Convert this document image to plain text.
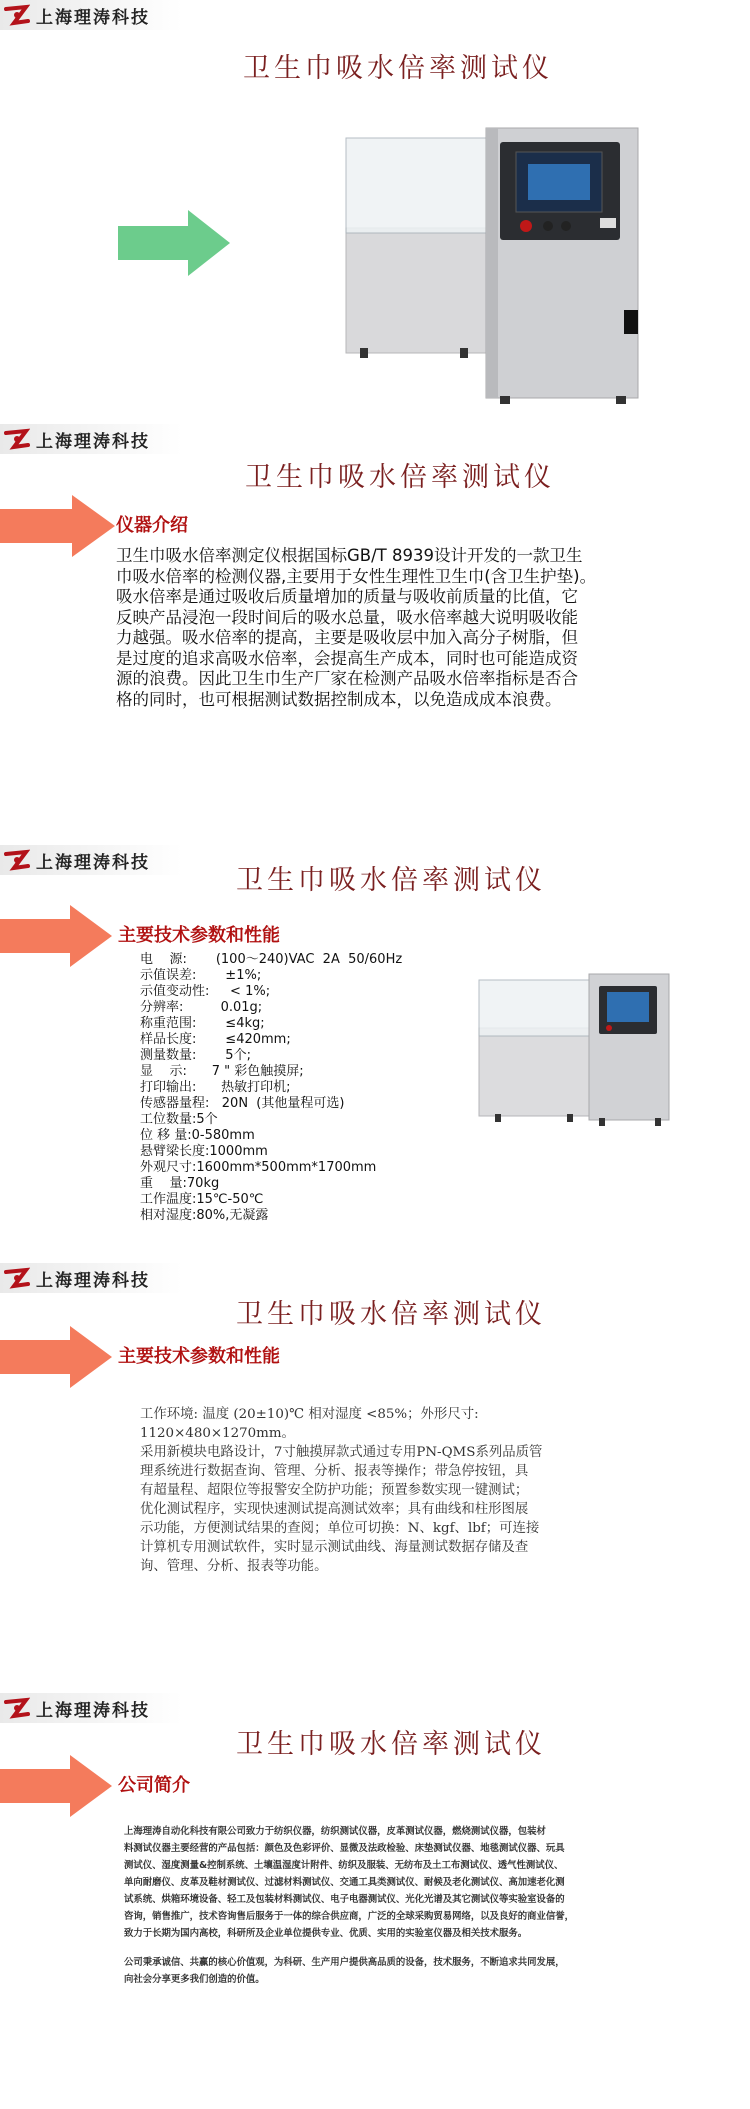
上海理涛科技
卫生巾吸水倍率测试仪
上海理涛科技
卫生巾吸水倍率测试仪
仪器介绍
卫生巾吸水倍率测定仪根据国标GB/T 8939设计开发的一款卫生
巾吸水倍率的检测仪器,主要用于女性生理性卫生巾(含卫生护垫)。
吸水倍率是通过吸收后质量增加的质量与吸收前质量的比值，它
反映产品浸泡一段时间后的吸水总量，吸水倍率越大说明吸收能
力越强。吸水倍率的提高，主要是吸收层中加入高分子树脂，但
是过度的追求高吸水倍率，会提高生产成本，同时也可能造成资
源的浪费。因此卫生巾生产厂家在检测产品吸水倍率指标是否合
格的同时，也可根据测试数据控制成本，以免造成成本浪费。
上海理涛科技
卫生巾吸水倍率测试仪
主要技术参数和性能
电    源:       (100～240)VAC  2A  50/60Hz
示值误差:       ±1%;
示值变动性:     < 1%;
分辨率:         0.01g;
称重范围:       ≤4kg;
样品长度:       ≤420mm;
测量数量:       5个;
显    示:      7 " 彩色触摸屏;
打印输出:      热敏打印机;
传感器量程:   20N  (其他量程可选)
工位数量:5个
位 移 量:0-580mm
悬臂梁长度:1000mm
外观尺寸:1600mm*500mm*1700mm
重    量:70kg
工作温度:15℃-50℃
相对湿度:80%,无凝露
上海理涛科技
卫生巾吸水倍率测试仪
主要技术参数和性能
工作环境: 温度 (20±10)℃ 相对湿度 <85%；外形尺寸:
1120×480×1270mm。
采用新模块电路设计，7寸触摸屏款式通过专用PN-QMS系列品质管
理系统进行数据查询、管理、分析、报表等操作；带急停按钮，具
有超量程、超限位等报警安全防护功能；预置参数实现一键测试；
优化测试程序，实现快速测试提高测试效率；具有曲线和柱形图展
示功能，方便测试结果的查阅；单位可切换：N、kgf、lbf；可连接
计算机专用测试软件，实时显示测试曲线、海量测试数据存储及查
询、管理、分析、报表等功能。
上海理涛科技
卫生巾吸水倍率测试仪
公司简介
上海理涛自动化科技有限公司致力于纺织仪器，纺织测试仪器，皮革测试仪器，燃烧测试仪器，包装材
料测试仪器主要经营的产品包括：颜色及色彩评价、显微及法政检验、床垫测试仪器、地毯测试仪器、玩具
测试仪、湿度测量&控制系统、土壤温湿度计附件、纺织及服装、无纺布及土工布测试仪、透气性测试仪、
单向耐磨仪、皮革及鞋材测试仪、过滤材料测试仪、交通工具类测试仪、耐候及老化测试仪、高加速老化测
试系统、烘箱环境设备、轻工及包装材料测试仪、电子电器测试仪、光化光谱及其它测试仪等实验室设备的
咨询，销售推广，技术咨询售后服务于一体的综合供应商，广泛的全球采购贸易网络，以及良好的商业信誉，
致力于长期为国内高校，科研所及企业单位提供专业、优质、实用的实验室仪器及相关技术服务。
公司秉承诚信、共赢的核心价值观，为科研、生产用户提供高品质的设备，技术服务，不断追求共同发展，
向社会分享更多我们创造的价值。
